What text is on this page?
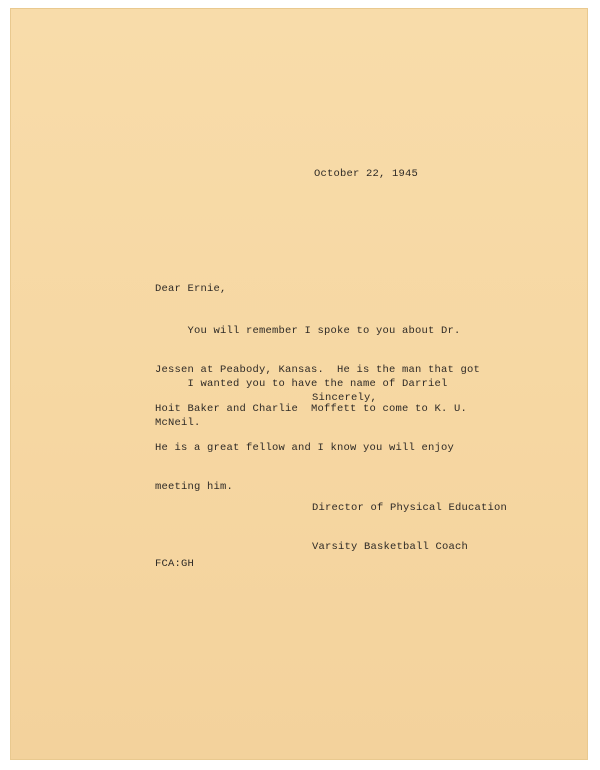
October 22, 1945
Dear Ernie,

You will remember I spoke to you about Dr.

Jessen at Peabody, Kansas.  He is the man that got

Hoit Baker and Charlie  Moffett to come to K. U.

He is a great fellow and I know you will enjoy

meeting him.

I wanted you to have the name of Darriel

McNeil.

Sincerely,

Director of Physical Education

Varsity Basketball Coach

FCA:GH
